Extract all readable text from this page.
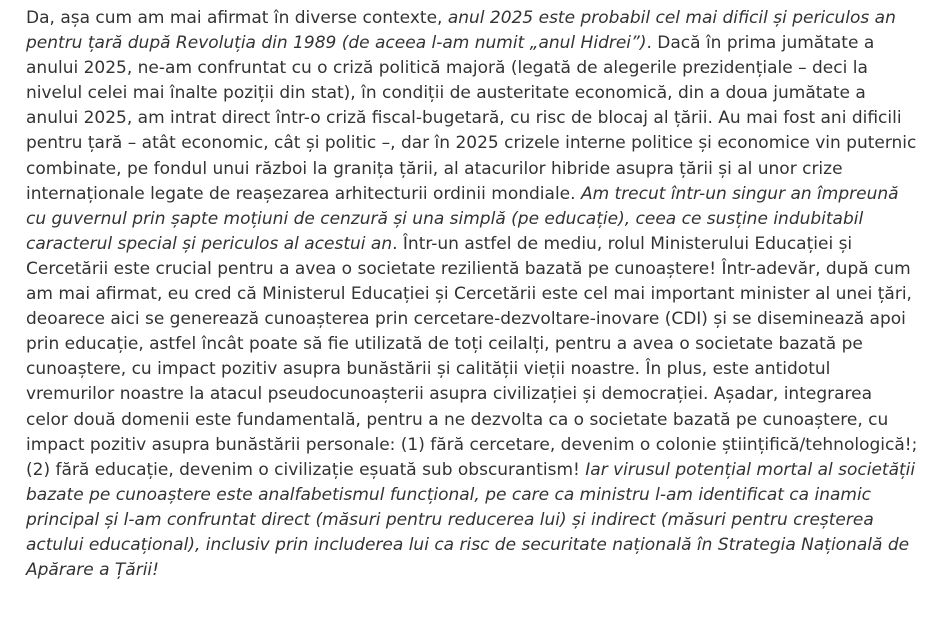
Da, așa cum am mai afirmat în diverse contexte, anul 2025 este probabil cel mai dificil și periculos an pentru țară după Revoluția din 1989 (de aceea l-am numit „anul Hidrei”). Dacă în prima jumătate a anului 2025, ne-am confruntat cu o criză politică majoră (legată de alegerile prezidențiale – deci la nivelul celei mai înalte poziții din stat), în condiții de austeritate economică, din a doua jumătate a anului 2025, am intrat direct într-o criză fiscal-bugetară, cu risc de blocaj al țării. Au mai fost ani dificili pentru țară – atât economic, cât și politic –, dar în 2025 crizele interne politice și economice vin puternic combinate, pe fondul unui război la granița țării, al atacurilor hibride asupra țării și al unor crize internaționale legate de reașezarea arhitecturii ordinii mondiale. Am trecut într-un singur an împreună cu guvernul prin șapte moțiuni de cenzură și una simplă (pe educație), ceea ce susține indubitabil caracterul special și periculos al acestui an. Într-un astfel de mediu, rolul Ministerului Educației și Cercetării este crucial pentru a avea o societate rezilientă bazată pe cunoaștere! Într-adevăr, după cum am mai afirmat, eu cred că Ministerul Educației și Cercetării este cel mai important minister al unei țări, deoarece aici se generează cunoașterea prin cercetare-dezvoltare-inovare (CDI) și se diseminează apoi prin educație, astfel încât poate să fie utilizată de toți ceilalți, pentru a avea o societate bazată pe cunoaștere, cu impact pozitiv asupra bunăstării și calității vieții noastre. În plus, este antidotul vremurilor noastre la atacul pseudocunoașterii asupra civilizației și democrației. Așadar, integrarea celor două domenii este fundamentală, pentru a ne dezvolta ca o societate bazată pe cunoaștere, cu impact pozitiv asupra bunăstării personale: (1) fără cercetare, devenim o colonie științifică/tehnologică!; (2) fără educație, devenim o civilizație eșuată sub obscurantism! Iar virusul potențial mortal al societății bazate pe cunoaștere este analfabetismul funcțional, pe care ca ministru l-am identificat ca inamic principal și l-am confruntat direct (măsuri pentru reducerea lui) și indirect (măsuri pentru creșterea actului educațional), inclusiv prin includerea lui ca risc de securitate națională în Strategia Națională de Apărare a Țării!
